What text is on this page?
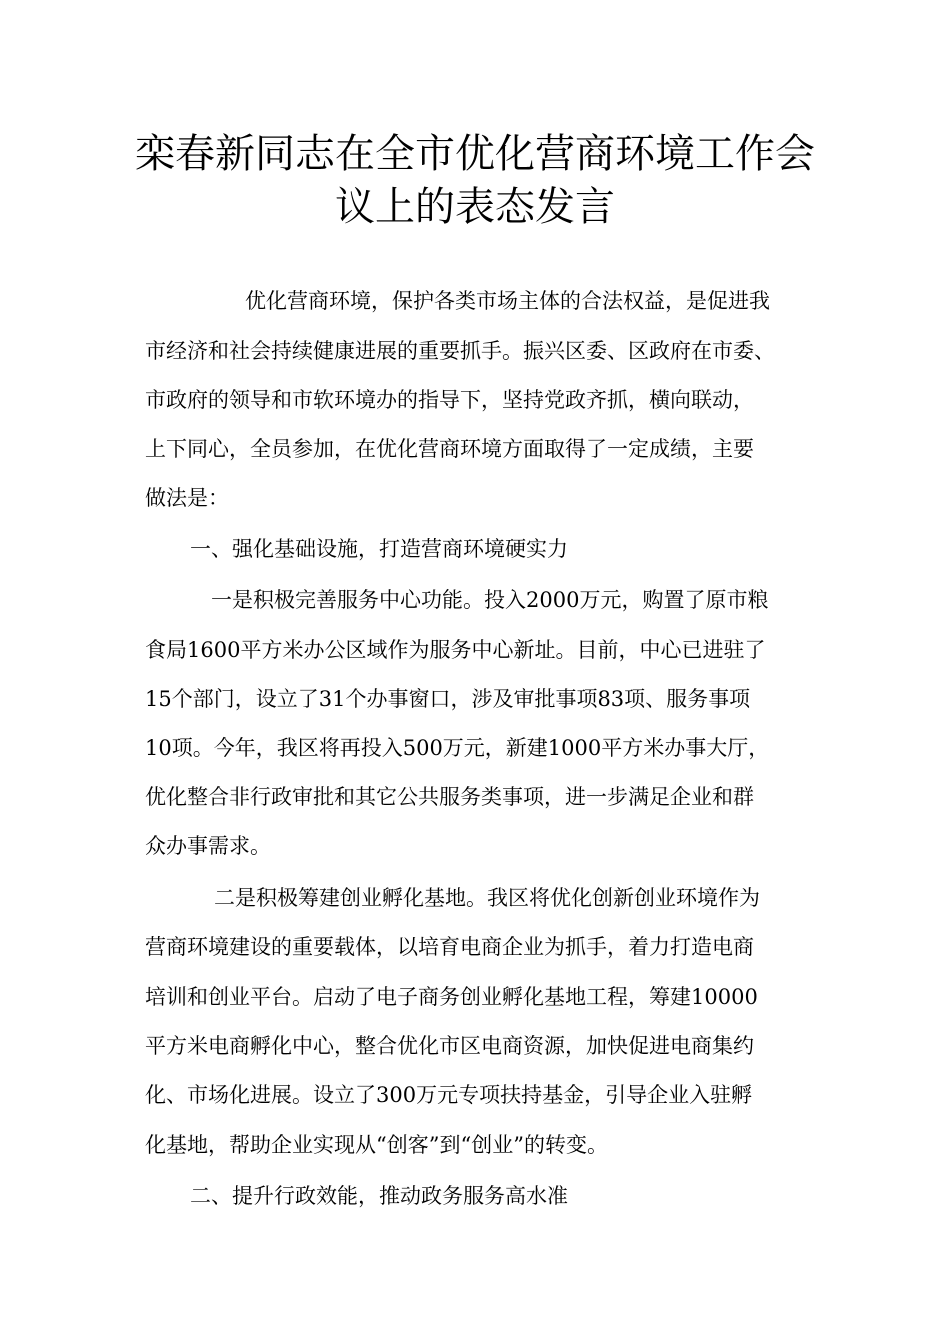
栾春新同志在全市优化营商环境工作会
议上的表态发言

优化营商环境，保护各类市场主体的合法权益，是促进我

市经济和社会持续健康进展的重要抓手。振兴区委、区政府在市委、

市政府的领导和市软环境办的指导下，坚持党政齐抓，横向联动，

上下同心，全员参加，在优化营商环境方面取得了一定成绩，主要

做法是：

一、强化基础设施，打造营商环境硬实力

一是积极完善服务中心功能。投入2000万元，购置了原市粮

食局1600平方米办公区域作为服务中心新址。目前，中心已进驻了

15个部门，设立了31个办事窗口，涉及审批事项83项、服务事项

10项。今年，我区将再投入500万元，新建1000平方米办事大厅，

优化整合非行政审批和其它公共服务类事项，进一步满足企业和群

众办事需求。

二是积极筹建创业孵化基地。我区将优化创新创业环境作为

营商环境建设的重要载体，以培育电商企业为抓手，着力打造电商

培训和创业平台。启动了电子商务创业孵化基地工程，筹建10000

平方米电商孵化中心，整合优化市区电商资源，加快促进电商集约

化、市场化进展。设立了300万元专项扶持基金，引导企业入驻孵

化基地，帮助企业实现从“创客”到“创业”的转变。

二、提升行政效能，推动政务服务高水准
